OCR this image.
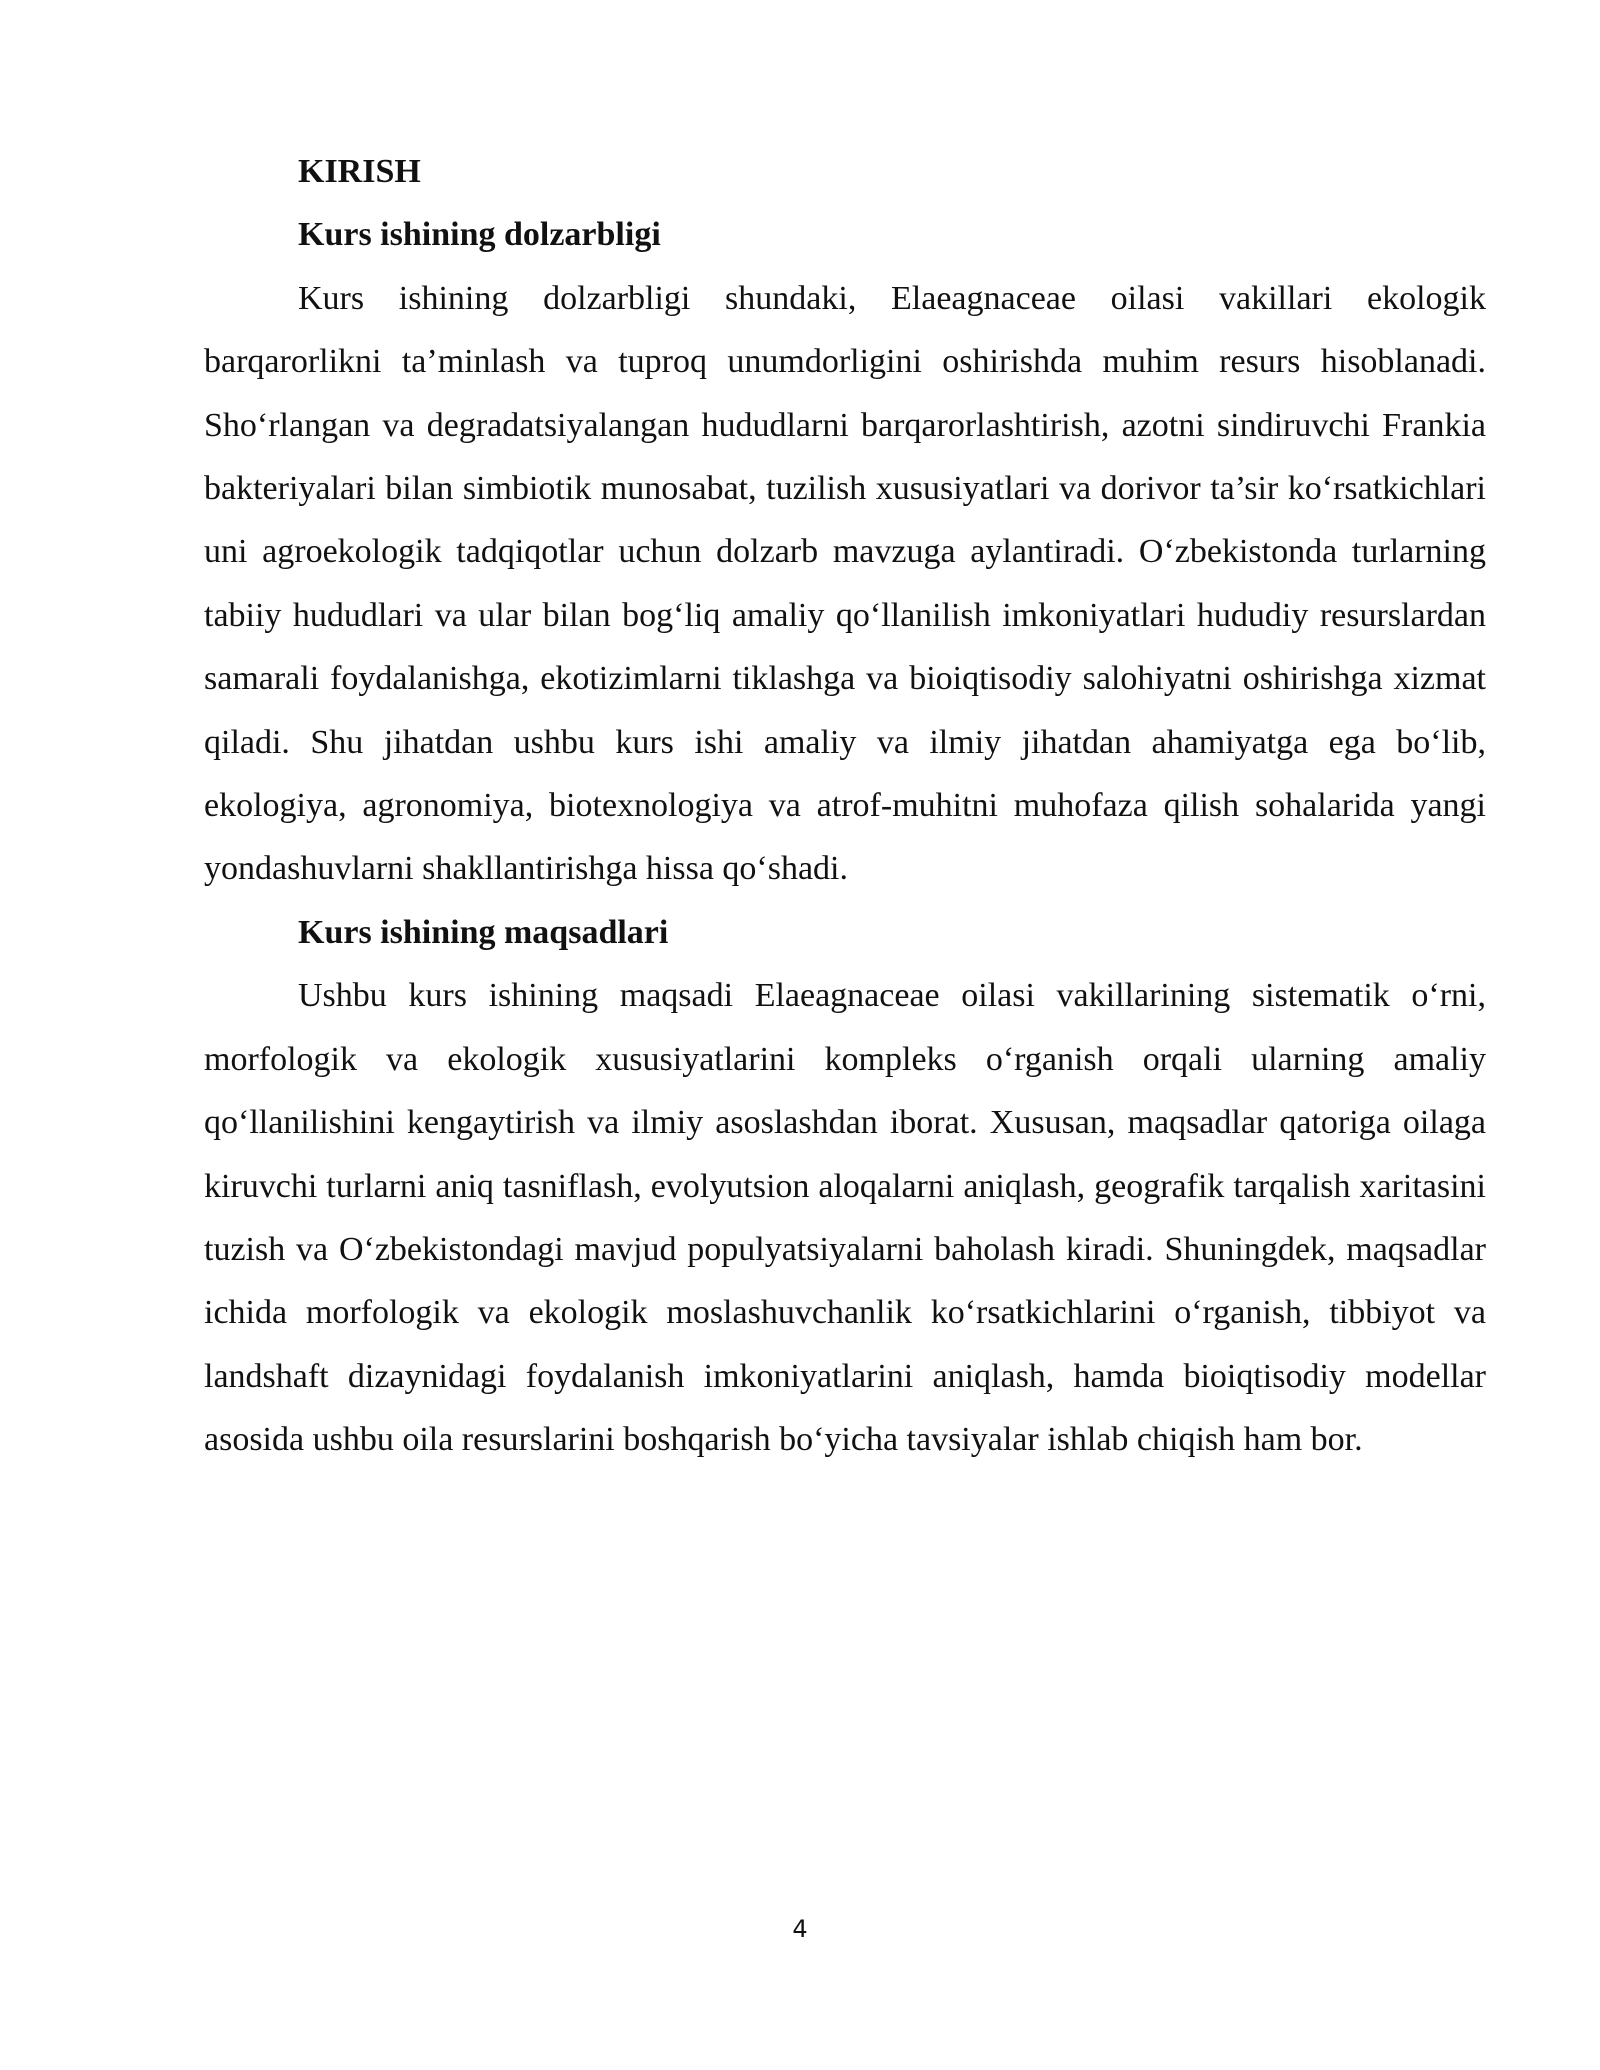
KIRISH

Kurs ishining dolzarbligi

Kurs ishining dolzarbligi shundaki, Elaeagnaceae oilasi vakillari ekologik barqarorlikni ta’minlash va tuproq unumdorligini oshirishda muhim resurs hisoblanadi. Sho‘rlangan va degradatsiyalangan hududlarni barqarorlashtirish, azotni sindiruvchi Frankia bakteriyalari bilan simbiotik munosabat, tuzilish xususiyatlari va dorivor ta’sir ko‘rsatkichlari uni agroekologik tadqiqotlar uchun dolzarb mavzuga aylantiradi. O‘zbekistonda turlarning tabiiy hududlari va ular bilan bog‘liq amaliy qo‘llanilish imkoniyatlari hududiy resurslardan samarali foydalanishga, ekotizimlarni tiklashga va bioiqtisodiy salohiyatni oshirishga xizmat qiladi. Shu jihatdan ushbu kurs ishi amaliy va ilmiy jihatdan ahamiyatga ega bo‘lib, ekologiya, agronomiya, biotexnologiya va atrof-muhitni muhofaza qilish sohalarida yangi yondashuvlarni shakllantirishga hissa qo‘shadi.

Kurs ishining maqsadlari

Ushbu kurs ishining maqsadi Elaeagnaceae oilasi vakillarining sistematik o‘rni, morfologik va ekologik xususiyatlarini kompleks o‘rganish orqali ularning amaliy qo‘llanilishini kengaytirish va ilmiy asoslashdan iborat. Xususan, maqsadlar qatoriga oilaga kiruvchi turlarni aniq tasniflash, evolyutsion aloqalarni aniqlash, geografik tarqalish xaritasini tuzish va O‘zbekistondagi mavjud populyatsiyalarni baholash kiradi. Shuningdek, maqsadlar ichida morfologik va ekologik moslashuvchanlik ko‘rsatkichlarini o‘rganish, tibbiyot va landshaft dizaynidagi foydalanish imkoniyatlarini aniqlash, hamda bioiqtisodiy modellar asosida ushbu oila resurslarini boshqarish bo‘yicha tavsiyalar ishlab chiqish ham bor.

4
